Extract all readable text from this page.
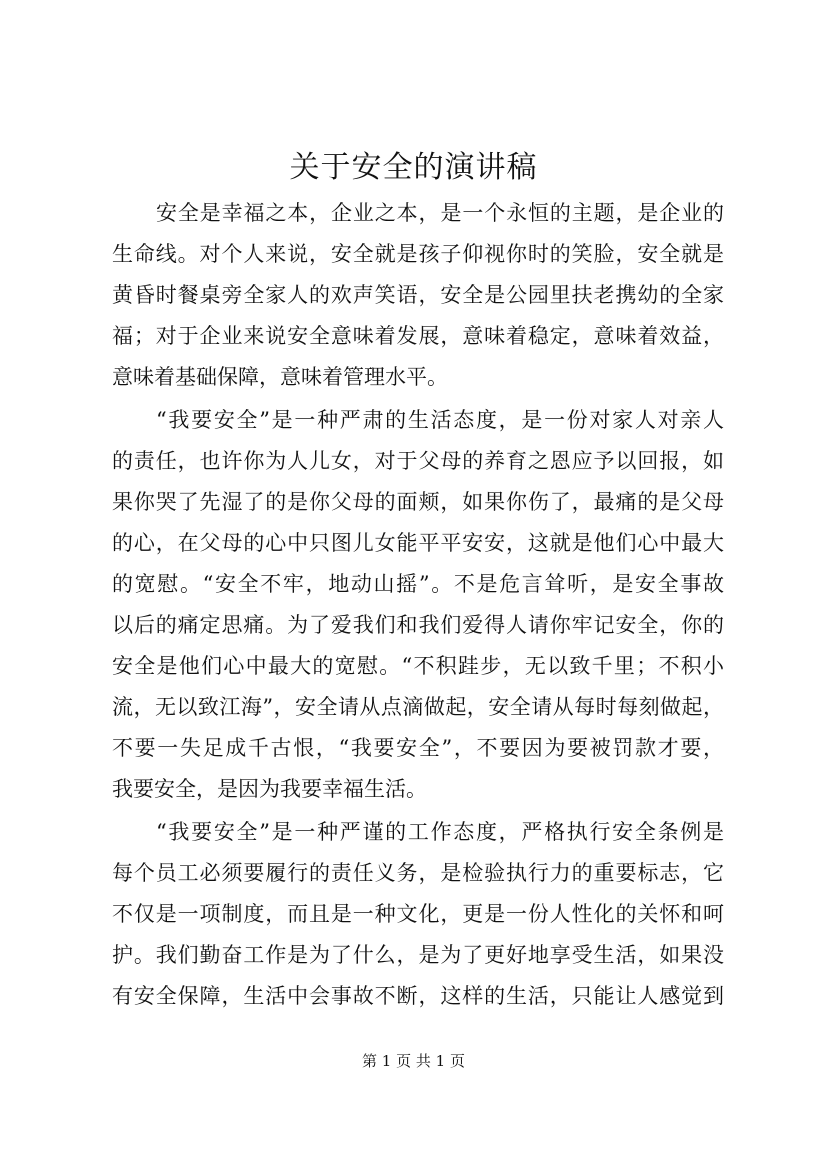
关于安全的演讲稿
安全是幸福之本，企业之本，是一个永恒的主题，是企业的
生命线。对个人来说，安全就是孩子仰视你时的笑脸，安全就是
黄昏时餐桌旁全家人的欢声笑语，安全是公园里扶老携幼的全家
福；对于企业来说安全意味着发展，意味着稳定，意味着效益，
意味着基础保障，意味着管理水平。
“我要安全”是一种严肃的生活态度，是一份对家人对亲人
的责任，也许你为人儿女，对于父母的养育之恩应予以回报，如
果你哭了先湿了的是你父母的面颊，如果你伤了，最痛的是父母
的心，在父母的心中只图儿女能平平安安，这就是他们心中最大
的宽慰。“安全不牢，地动山摇”。不是危言耸听，是安全事故
以后的痛定思痛。为了爱我们和我们爱得人请你牢记安全，你的
安全是他们心中最大的宽慰。“不积跬步，无以致千里；不积小
流，无以致江海”，安全请从点滴做起，安全请从每时每刻做起，
不要一失足成千古恨，“我要安全”，不要因为要被罚款才要，
我要安全，是因为我要幸福生活。
“我要安全”是一种严谨的工作态度，严格执行安全条例是
每个员工必须要履行的责任义务，是检验执行力的重要标志，它
不仅是一项制度，而且是一种文化，更是一份人性化的关怀和呵
护。我们勤奋工作是为了什么，是为了更好地享受生活，如果没
有安全保障，生活中会事故不断，这样的生活，只能让人感觉到
第 1 页 共 1 页
